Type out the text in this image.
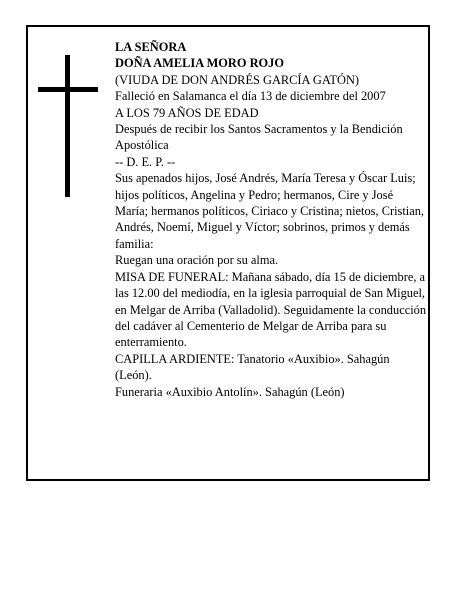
LA SEÑORA

DOÑA AMELIA MORO ROJO

(VIUDA DE DON ANDRÉS GARCÍA GATÓN)

Falleció en Salamanca el día 13 de diciembre del 2007

A LOS 79 AÑOS DE EDAD

Después de recibir los Santos Sacramentos y la Bendición Apostólica

-- D. E. P. --

Sus apenados hijos, José Andrés, María Teresa y Óscar Luis; hijos políticos, Angelina y Pedro; hermanos, Cire y José María; hermanos políticos, Ciriaco y Cristina; nietos, Cristian, Andrés, Noemí, Miguel y Víctor; sobrinos, primos y demás familia:

Ruegan una oración por su alma.

MISA DE FUNERAL: Mañana sábado, día 15 de diciembre, a las 12.00 del mediodía, en la iglesia parroquial de San Miguel, en Melgar de Arriba (Valladolid). Seguidamente la conducción del cadáver al Cementerio de Melgar de Arriba para su enterramiento.

CAPILLA ARDIENTE: Tanatorio «Auxibio». Sahagún (León).

Funeraria «Auxibio Antolín». Sahagún (León)
